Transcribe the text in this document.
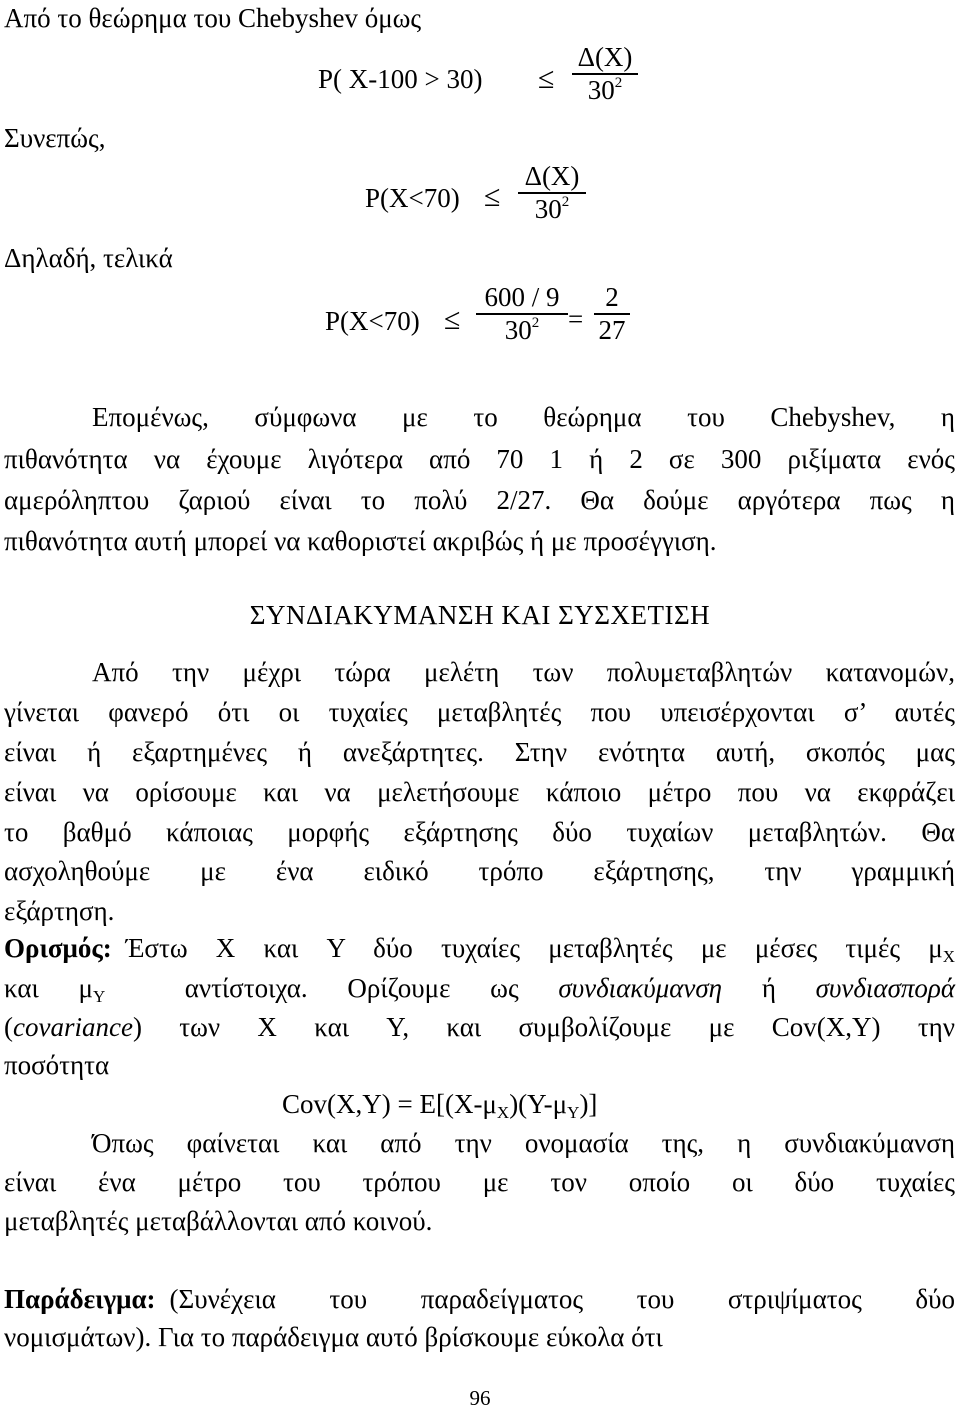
Από το θεώρημα του Chebyshev όμως
P( X-100 > 30) ≤
Δ(X)
$30^2$
Συνεπώς,
P(X<70) ≤
Δ(X)
$30^2$
Δηλαδή, τελικά
P(X<70) ≤
600 / 9
$30^2$	=
2
27
Επομένως, σύμφωνα με το θεώρημα του Chebyshev, η
πιθανότητα να έχουμε λιγότερα από 70 1 ή 2 σε 300 ριξίματα ενός
αμερόληπτου ζαριού είναι το πολύ 2/27. Θα δούμε αργότερα πως η
πιθανότητα αυτή μπορεί να καθοριστεί ακριβώς ή με προσέγγιση.
ΣΥΝΔΙΑΚΥΜΑΝΣΗ ΚΑΙ ΣΥΣΧΕΤΙΣΗ
Από την μέχρι τώρα μελέτη των πολυμεταβλητών κατανομών,
γίνεται φανερό ότι οι τυχαίες μεταβλητές που υπεισέρχονται σ’ αυτές
είναι ή εξαρτημένες ή ανεξάρτητες. Στην ενότητα αυτή, σκοπός μας
είναι να ορίσουμε και να μελετήσουμε κάποιο μέτρο που να εκφράζει
το βαθμό κάποιας μορφής εξάρτησης δύο τυχαίων μεταβλητών. Θα
ασχοληθούμε με ένα ειδικό τρόπο εξάρτησης, την γραμμική
εξάρτηση.
Ορισμός: Έστω X και Y δύο τυχαίες μεταβλητές με μέσες τιμές $\mu_X$
και $\mu_Y$	αντίστοιχα. Ορίζουμε ως συνδιακύμανση ή συνδιασπορά
(covariance) των X και Y, και συμβολίζουμε με Cov(X,Y) την
ποσότητα
$Cov(X,Y) = E[(X-\mu_X)(Y-\mu_Y)]$
Όπως φαίνεται και από την ονομασία της, η συνδιακύμανση
είναι ένα μέτρο του τρόπου με τον οποίο οι δύο τυχαίες
μεταβλητές μεταβάλλονται από κοινού.
Παράδειγμα: (Συνέχεια του παραδείγματος του στριψίματος δύο
νομισμάτων). Για το παράδειγμα αυτό βρίσκουμε εύκολα ότι
96
